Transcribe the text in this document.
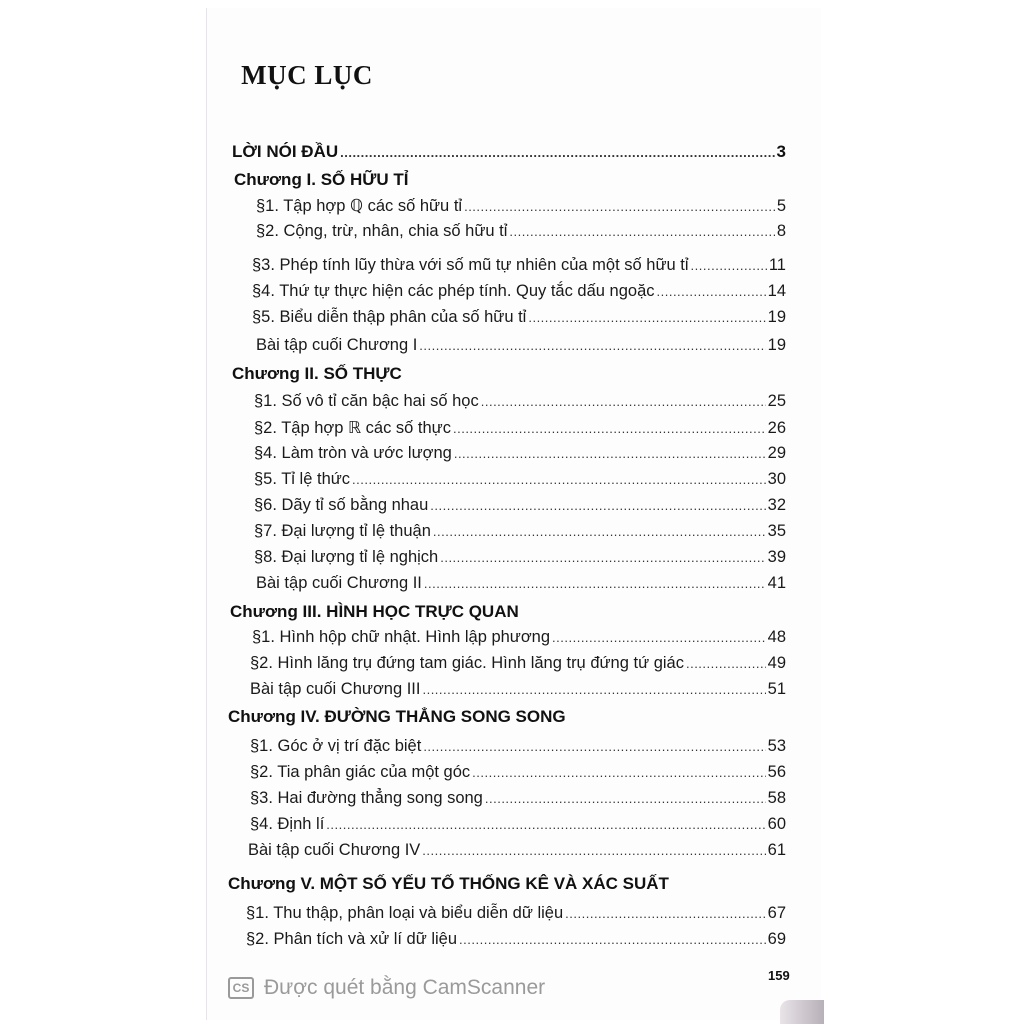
MỤC LỤC
LỜI NÓI ĐẦU .....	3
Chương I. SỐ HỮU TỈ
§1. Tập hợp ℚ các số hữu tỉ .....	5
§2. Cộng, trừ, nhân, chia số hữu tỉ .....	8
§3. Phép tính lũy thừa với số mũ tự nhiên của một số hữu tỉ .....	11
§4. Thứ tự thực hiện các phép tính. Quy tắc dấu ngoặc .....	14
§5. Biểu diễn thập phân của số hữu tỉ .....	19
Bài tập cuối Chương I .....	19
Chương II. SỐ THỰC
§1. Số vô tỉ căn bậc hai số học .....	25
§2. Tập hợp ℝ các số thực .....	26
§4. Làm tròn và ước lượng .....	29
§5. Tỉ lệ thức .....	30
§6. Dãy tỉ số bằng nhau .....	32
§7. Đại lượng tỉ lệ thuận .....	35
§8. Đại lượng tỉ lệ nghịch .....	39
Bài tập cuối Chương II .....	41
Chương III. HÌNH HỌC TRỰC QUAN
§1. Hình hộp chữ nhật. Hình lập phương .....	48
§2. Hình lăng trụ đứng tam giác. Hình lăng trụ đứng tứ giác .....	49
Bài tập cuối Chương III .....	51
Chương IV. ĐƯỜNG THẲNG SONG SONG
§1. Góc ở vị trí đặc biệt .....	53
§2. Tia phân giác của một góc .....	56
§3. Hai đường thẳng song song .....	58
§4. Định lí .....	60
Bài tập cuối Chương IV .....	61
Chương V. MỘT SỐ YẾU TỐ THỐNG KÊ VÀ XÁC SUẤT
§1. Thu thập, phân loại và biểu diễn dữ liệu .....	67
§2. Phân tích và xử lí dữ liệu .....	69
159
CS Được quét bằng CamScanner
